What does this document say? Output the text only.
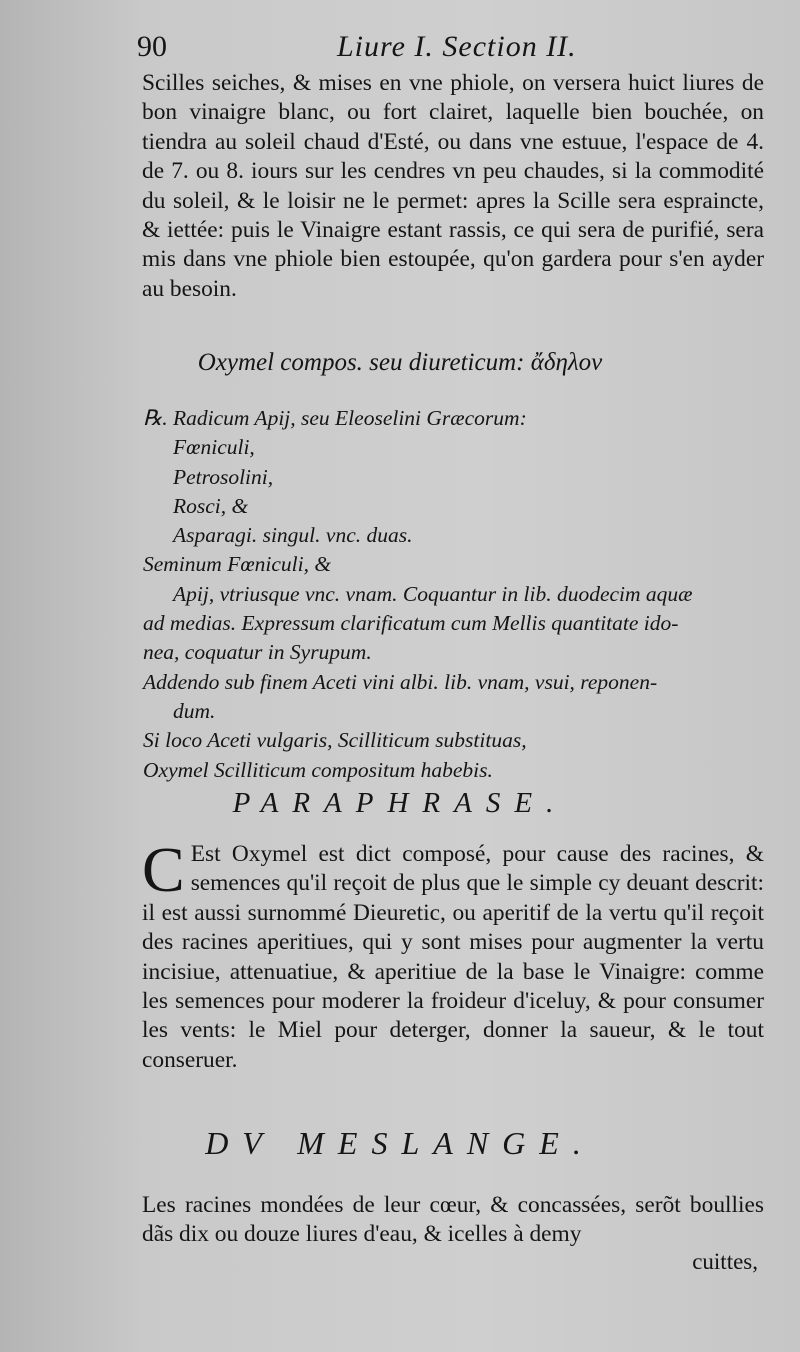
90	Liure I. Section II.

Scilles seiches, & mises en vne phiole, on versera huict liures de bon vinaigre blanc, ou fort clairet, laquelle bien bouchée, on tiendra au soleil chaud d'Esté, ou dans vne estuue, l'espace de 4. de 7. ou 8. iours sur les cendres vn peu chaudes, si la commodité du soleil, & le loisir ne le permet: apres la Scille sera espraincte, & iettée: puis le Vinaigre estant rassis, ce qui sera de purifié, sera mis dans vne phiole bien estoupée, qu'on gardera pour s'en ayder au besoin.

Oxymel compos. seu diureticum: ἄδηλον

℞. Radicum Apij, seu Eleoselini Græcorum:
Fœniculi,
Petrosolini,
Rosci, &
Asparagi. singul. vnc. duas.
Seminum Fœniculi, &
Apij, vtriusque vnc. vnam. Coquantur in lib. duodecim aquæ
ad medias. Expressum clarificatum cum Mellis quantitate ido-
nea, coquatur in Syrupum.
Addendo sub finem Aceti vini albi. lib. vnam, vsui, reponen-
dum.
Si loco Aceti vulgaris, Scilliticum substituas,
Oxymel Scilliticum compositum habebis.

PARAPHRASE.

C Est Oxymel est dict composé, pour cause des racines, & semences qu'il reçoit de plus que le simple cy deuant descrit: il est aussi surnommé Dieuretic, ou aperitif de la vertu qu'il reçoit des racines aperitiues, qui y sont mises pour augmenter la vertu incisiue, attenuatiue, & aperitiue de la base le Vinaigre: comme les semences pour moderer la froideur d'iceluy, & pour consumer les vents: le Miel pour deterger, donner la saueur, & le tout conseruer.

DV MESLANGE.

Les racines mondées de leur cœur, & concassées, serõt boullies dãs dix ou douze liures d'eau, & icelles à demy

cuittes,
